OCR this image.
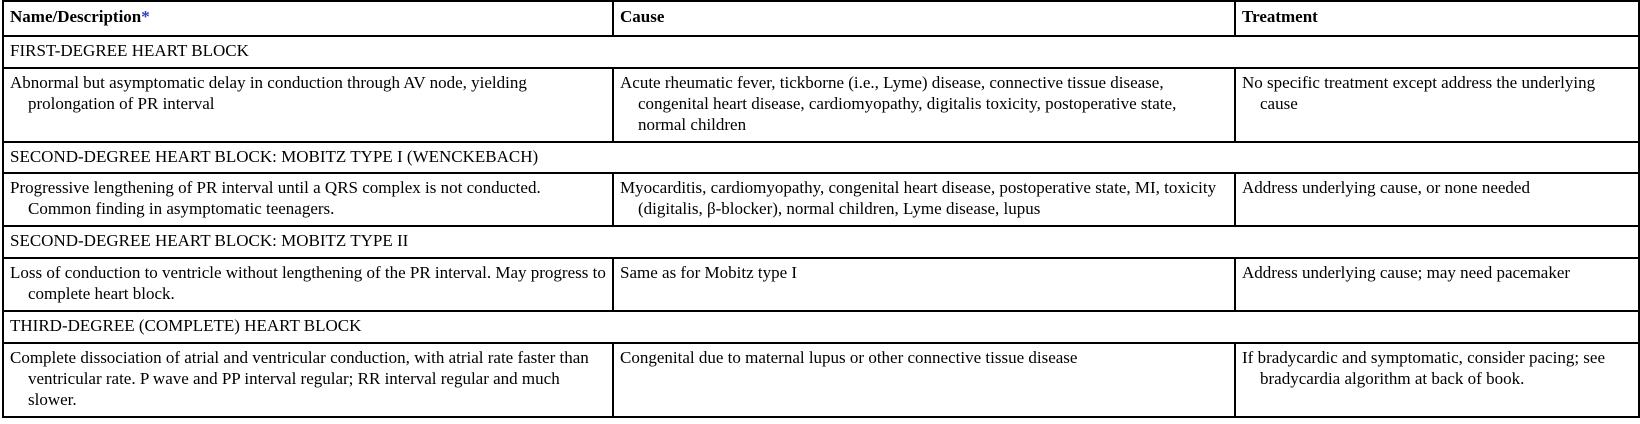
Name/Description*	Cause	Treatment
FIRST-DEGREE HEART BLOCK		

Abnormal but asymptomatic delay in conduction through AV node, yielding prolongation of PR interval	Acute rheumatic fever, tickborne (i.e., Lyme) disease, connective tissue disease, congenital heart disease, cardiomyopathy, digitalis toxicity, postoperative state, normal children	No specific treatment except address the underlying cause

SECOND-DEGREE HEART BLOCK: MOBITZ TYPE I (WENCKEBACH)		

Progressive lengthening of PR interval until a QRS complex is not conducted. Common finding in asymptomatic teenagers.	Myocarditis, cardiomyopathy, congenital heart disease, postoperative state, MI, toxicity (digitalis, β-blocker), normal children, Lyme disease, lupus	Address underlying cause, or none needed

SECOND-DEGREE HEART BLOCK: MOBITZ TYPE II		

Loss of conduction to ventricle without lengthening of the PR interval. May progress to complete heart block.	Same as for Mobitz type I	Address underlying cause; may need pacemaker

THIRD-DEGREE (COMPLETE) HEART BLOCK		

Complete dissociation of atrial and ventricular conduction, with atrial rate faster than ventricular rate. P wave and PP interval regular; RR interval regular and much slower.	Congenital due to maternal lupus or other connective tissue disease	If bradycardic and symptomatic, consider pacing; see bradycardia algorithm at back of book.
